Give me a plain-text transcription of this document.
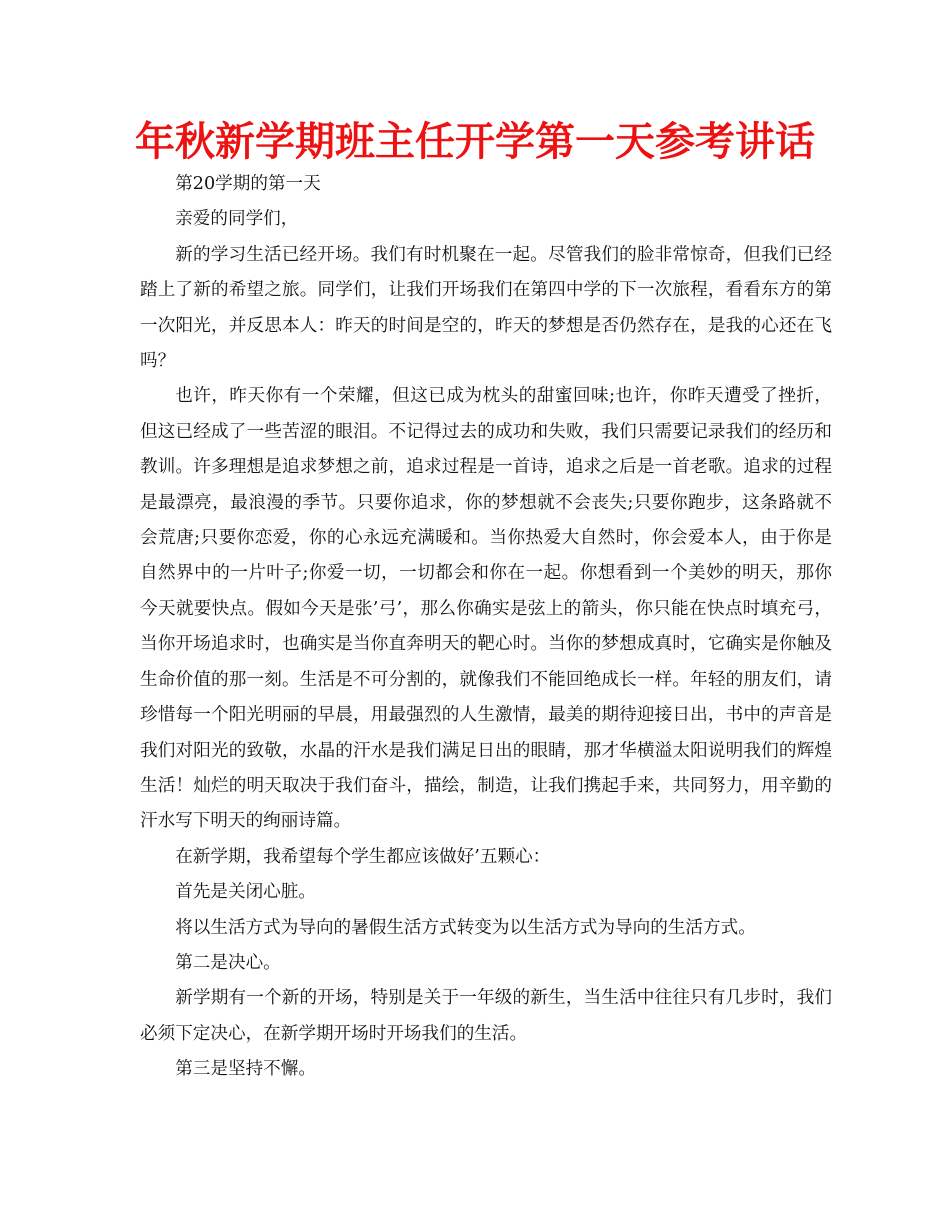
年秋新学期班主任开学第一天参考讲话

第20学期的第一天

亲爱的同学们，

新的学习生活已经开场。我们有时机聚在一起。尽管我们的脸非常惊奇，但我们已经踏上了新的希望之旅。同学们，让我们开场我们在第四中学的下一次旅程，看看东方的第一次阳光，并反思本人：昨天的时间是空的，昨天的梦想是否仍然存在，是我的心还在飞吗？

也许，昨天你有一个荣耀，但这已成为枕头的甜蜜回味;也许，你昨天遭受了挫折，但这已经成了一些苦涩的眼泪。不记得过去的成功和失败，我们只需要记录我们的经历和教训。许多理想是追求梦想之前，追求过程是一首诗，追求之后是一首老歌。追求的过程是最漂亮，最浪漫的季节。只要你追求，你的梦想就不会丧失;只要你跑步，这条路就不会荒唐;只要你恋爱，你的心永远充满暖和。当你热爱大自然时，你会爱本人，由于你是自然界中的一片叶子;你爱一切，一切都会和你在一起。你想看到一个美妙的明天，那你今天就要快点。假如今天是张’弓’，那么你确实是弦上的箭头，你只能在快点时填充弓，当你开场追求时，也确实是当你直奔明天的靶心时。当你的梦想成真时，它确实是你触及生命价值的那一刻。生活是不可分割的，就像我们不能回绝成长一样。年轻的朋友们，请珍惜每一个阳光明丽的早晨，用最强烈的人生激情，最美的期待迎接日出，书中的声音是我们对阳光的致敬，水晶的汗水是我们满足日出的眼睛，那才华横溢太阳说明我们的辉煌生活！灿烂的明天取决于我们奋斗，描绘，制造，让我们携起手来，共同努力，用辛勤的汗水写下明天的绚丽诗篇。

在新学期，我希望每个学生都应该做好’五颗心：

首先是关闭心脏。

将以生活方式为导向的暑假生活方式转变为以生活方式为导向的生活方式。

第二是决心。

新学期有一个新的开场，特别是关于一年级的新生，当生活中往往只有几步时，我们必须下定决心，在新学期开场时开场我们的生活。

第三是坚持不懈。
